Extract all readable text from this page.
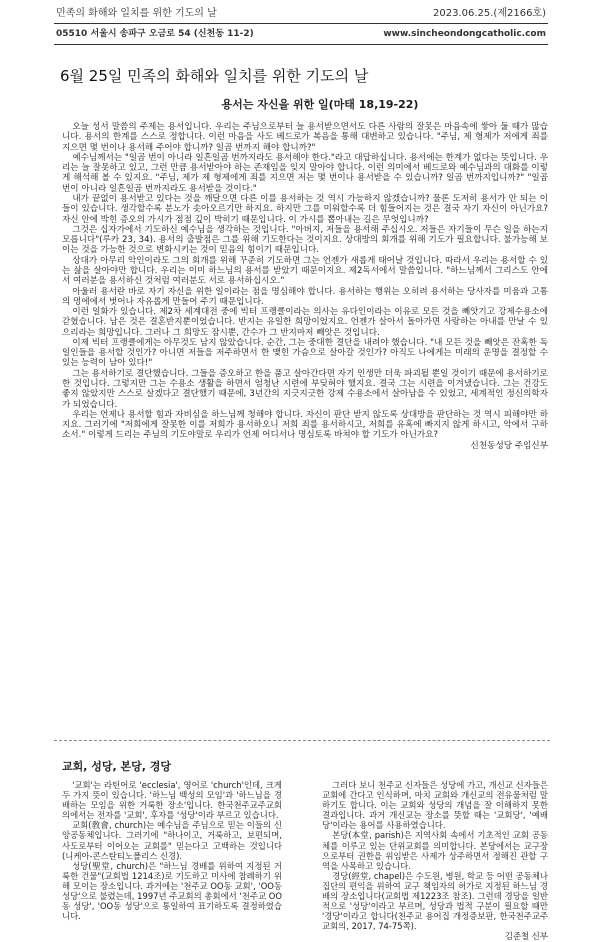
민족의 화해와 일치를 위한 기도의 날	2023.06.25.(제2166호)
05510 서울시 송파구 오금로 54 (신천동 11-2)	www.sincheondongcatholic.com
6월 25일 민족의 화해와 일치를 위한 기도의 날
용서는 자신을 위한 일(마태 18,19-22)

오늘 성서 말씀의 주제는 용서입니다. 우리는 주님으로부터 늘 용서받으면서도 다른 사람의 잘못은 마음속에 쌓아 둘 때가 많습니다. 용서의 한계를 스스로 정합니다. 이런 마음을 사도 베드로가 복음을 통해 대변하고 있습니다. "주님, 제 형제가 저에게 죄를 지으면 몇 번이나 용서해 주어야 합니까? 일곱 번까지 해야 합니까?"

예수님께서는 "일곱 번이 아니라 일흔일곱 번까지라도 용서해야 한다."라고 대답하십니다. 용서에는 한계가 없다는 뜻입니다. 우리는 늘 잘못하고 있고, 그런 만큼 용서받아야 하는 존재임을 잊지 말아야 합니다. 이런 의미에서 베드로와 예수님과의 대화를 이렇게 해석해 볼 수 있지요. "주님, 제가 제 형제에게 죄를 지으면 저는 몇 번이나 용서받을 수 있습니까? 일곱 번까지입니까?" "일곱 번이 아니라 일흔일곱 번까지라도 용서받을 것이다."

내가 끝없이 용서받고 있다는 것을 깨달으면 다른 이를 용서하는 것 역시 가능하지 않겠습니까? 물론 도저히 용서가 안 되는 이들이 있습니다. 생각할수록 분노가 솟아오르기만 하지요. 하지만 그를 미워할수록 더 힘들어지는 것은 결국 자기 자신이 아닌가요? 자신 안에 박힌 증오의 가시가 점점 깊이 박히기 때문입니다. 이 가시를 뽑아내는 길은 무엇입니까?

그것은 십자가에서 기도하신 예수님을 생각하는 것입니다. "아버지, 저들을 용서해 주십시오. 저들은 자기들이 무슨 일을 하는지 모릅니다"(루카 23, 34). 용서의 출발점은 그를 위해 기도한다는 것이지요. 상대방의 회개를 위해 기도가 필요합니다. 불가능해 보이는 것을 가능한 것으로 변화시키는 것이 믿음의 힘이기 때문입니다.

상대가 아무리 악인이라도 그의 회개를 위해 꾸준히 기도하면 그는 언젠가 새롭게 태어날 것입니다. 따라서 우리는 용서할 수 있는 삶을 살아야만 합니다. 우리는 이미 하느님의 용서를 받았기 때문이지요. 제2독서에서 말씀입니다. "하느님께서 그리스도 안에서 여러분을 용서하신 것처럼 여러분도 서로 용서하십시오."

아울러 용서란 바로 자기 자신을 위한 일이라는 점을 명심해야 합니다. 용서하는 행위는 오히려 용서하는 당사자를 미움과 고통의 멍에에서 벗어나 자유롭게 만들어 주기 때문입니다.

이런 일화가 있습니다. 제2차 세계대전 중에 빅터 프랭클이라는 의사는 유다인이라는 이유로 모든 것을 빼앗기고 강제수용소에 갇혔습니다. 남은 것은 결혼반지뿐이었습니다. 반지는 유일한 희망이었지요. 언젠가 살아서 돌아가면 사랑하는 아내를 만날 수 있으리라는 희망입니다. 그러나 그 희망도 잠시뿐, 간수가 그 반지마저 빼앗은 것입니다.

이제 빅터 프랭클에게는 아무것도 남지 않았습니다. 순간, 그는 중대한 결단을 내려야 했습니다. "내 모든 것을 빼앗은 잔혹한 독일인들을 용서할 것인가? 아니면 저들을 저주하면서 한 맺힌 가슴으로 살아갈 것인가? 아직도 나에게는 미래의 운명을 결정할 수 있는 능력이 남아 있다!"

그는 용서하기로 결단했습니다. 그들을 증오하고 한을 품고 살아간다면 자기 인생만 더욱 파괴될 뿐일 것이기 때문에 용서하기로 한 것입니다. 그렇지만 그는 수용소 생활을 하면서 엄청난 시련에 부딪혀야 했지요. 결국 그는 시련을 이겨냈습니다. 그는 건강도 좋지 않았지만 스스로 살겠다고 결단했기 때문에, 3년간의 지긋지긋한 강제 수용소에서 살아남을 수 있었고, 세계적인 정신의학자가 되었습니다.

우리는 언제나 용서할 힘과 자비심을 하느님께 청해야 합니다. 자신이 판단 받지 않도록 상대방을 판단하는 것 역시 피해야만 하지요. 그러기에 "저희에게 잘못한 이를 저희가 용서하오니 저희 죄를 용서하시고, 저희를 유혹에 빠지지 않게 하시고, 악에서 구하소서." 이렇게 드리는 주님의 기도야말로 우리가 언제 어디서나 명심토록 바쳐야 할 기도가 아닌가요?

신천동성당 주임신부
교회, 성당, 본당, 경당

'교회'는 라틴어로 'ecclesia', 영어로 'church'인데, 크게 두 가지 뜻이 있습니다. '하느님 백성의 모임'과 '하느님을 경배하는 모임을 위한 거룩한 장소'입니다. 한국천주교주교회의에서는 전자를 '교회', 후자를 '성당'이라 부르고 있습니다.

교회(敎會, church)는 예수님을 주님으로 믿는 이들의 신앙공동체입니다. 그러기에 "하나이고, 거룩하고, 보편되며, 사도로부터 이어오는 교회를" 믿는다고 고백하는 것입니다(니케아-콘스탄티노폴리스 신경).

성당(聖堂, church)은 "하느님 경배를 위하여 지정된 거룩한 건물"(교회법 1214조)로 기도하고 미사에 참례하기 위해 모이는 장소입니다. 과거에는 '천주교 OO동 교회', 'OO동 성당'으로 불렸는데, 1997년 주교회의 총회에서 '천주교 OO동 성당', 'OO동 성당'으로 통일하여 표기하도록 결정하였습니다.

그러다 보니 천주교 신자들은 성당에 가고, 개신교 신자들은 교회에 간다고 인식하며, 마치 교회와 개신교의 전유물처럼 말하기도 합니다. 이는 교회와 성당의 개념을 잘 이해하지 못한 결과입니다. 과거 개신교는 장소를 뜻할 때는 '교회당', '예배당'이라는 용어를 사용하였습니다.

본당(本堂, parish)은 지역사회 속에서 기초적인 교회 공동체를 이루고 있는 단위교회를 의미합니다. 본당에서는 교구장으로부터 권한을 위임받은 사제가 상주하면서 정해진 관할 구역을 사목하고 있습니다.

경당(經堂, chapel)은 수도원, 병원, 학교 등 어떤 공동체나 집단의 편익을 위하여 교구 책임자의 허가로 지정된 하느님 경배의 장소입니다(교회법 제1223조 참조). 그런데 경당을 일반적으로 '성당'이라고 부르며, 성당과 법적 구분이 필요할 때만 '경당'이라고 합니다(천주교 용어집 개정증보판, 한국천주교주교회의, 2017, 74-75쪽).

김준철 신부
